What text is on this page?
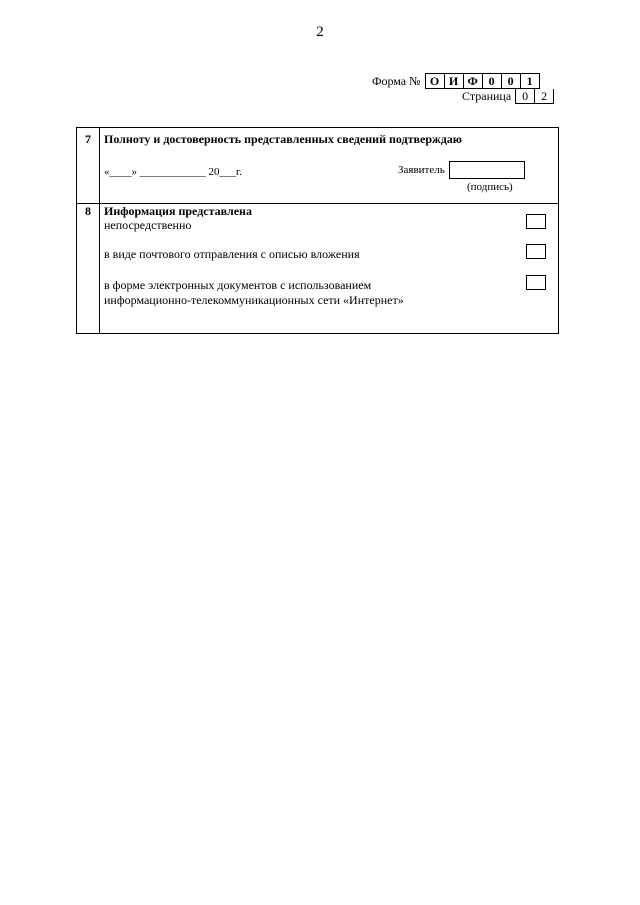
2
Форма № О И Ф 0	0	1
Страница 0	2
7	Полноту и достоверность представленных сведений подтверждаю
«____» ____________ 20___г.	Заявитель
(подпись)
8	Информация представлена
непосредственно
в виде почтового отправления с описью вложения
в форме электронных документов с использованием информационно-телекоммуникационных сети «Интернет»
